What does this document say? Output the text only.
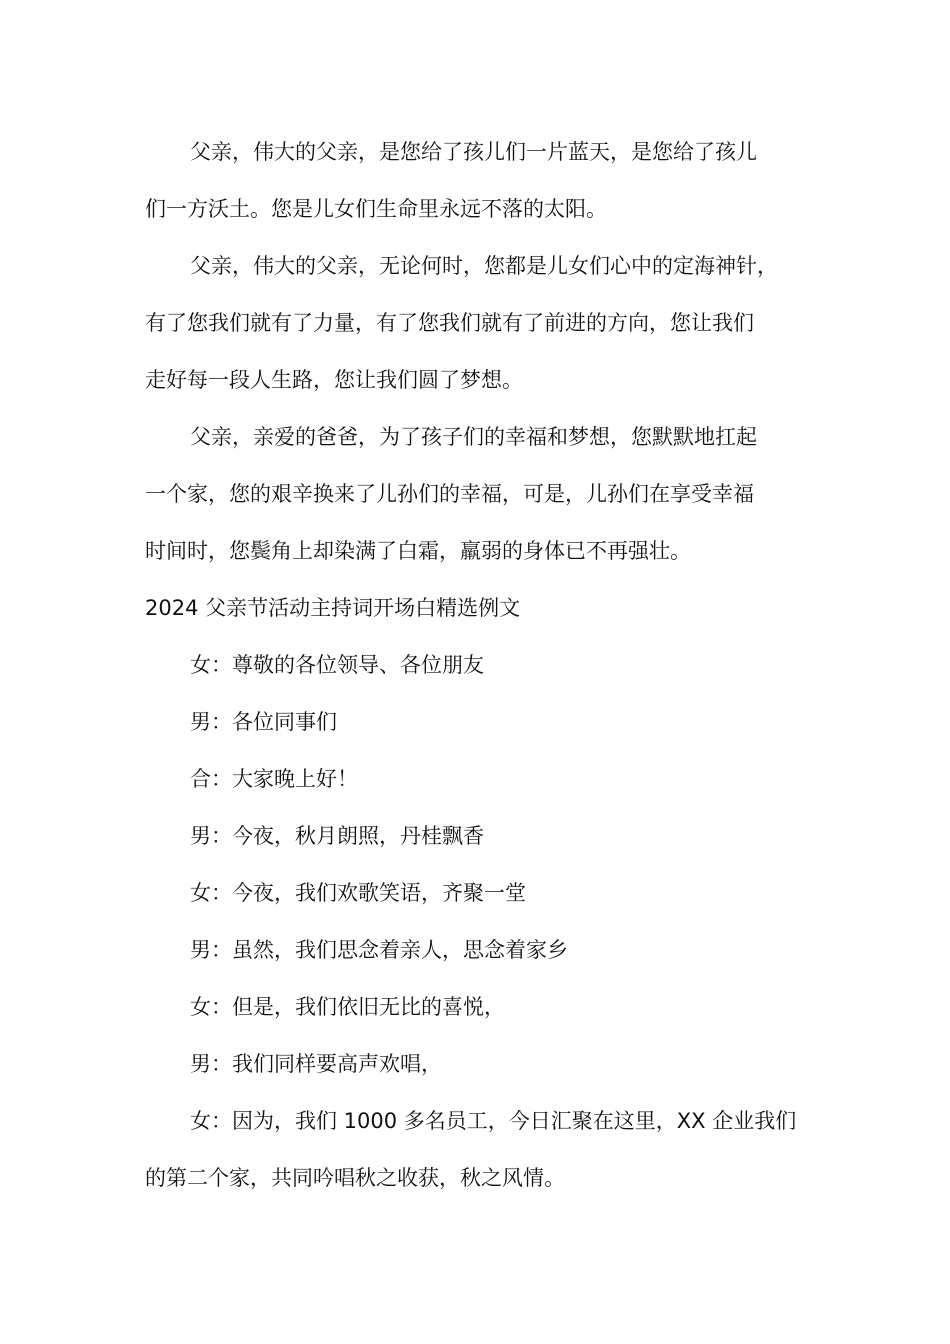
父亲，伟大的父亲，是您给了孩儿们一片蓝天，是您给了孩儿
们一方沃土。您是儿女们生命里永远不落的太阳。
父亲，伟大的父亲，无论何时，您都是儿女们心中的定海神针，
有了您我们就有了力量，有了您我们就有了前进的方向，您让我们
走好每一段人生路，您让我们圆了梦想。
父亲，亲爱的爸爸，为了孩子们的幸福和梦想，您默默地扛起
一个家，您的艰辛换来了儿孙们的幸福，可是，儿孙们在享受幸福
时间时，您鬓角上却染满了白霜，羸弱的身体已不再强壮。
2024 父亲节活动主持词开场白精选例文
女：尊敬的各位领导、各位朋友
男：各位同事们
合：大家晚上好！
男：今夜，秋月朗照，丹桂飘香
女：今夜，我们欢歌笑语，齐聚一堂
男：虽然，我们思念着亲人，思念着家乡
女：但是，我们依旧无比的喜悦，
男：我们同样要高声欢唱，
女：因为，我们 1000 多名员工，今日汇聚在这里，XX 企业我们
的第二个家，共同吟唱秋之收获，秋之风情。
